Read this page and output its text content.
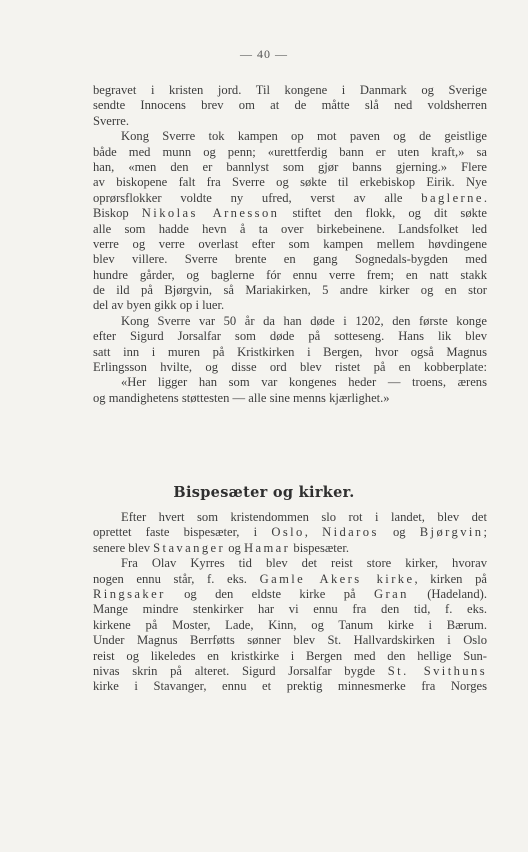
— 40 —
begravet i kristen jord. Til kongene i Danmark og Sverige
sendte Innocens brev om at de måtte slå ned voldsherren
Sverre.
Kong Sverre tok kampen op mot paven og de geistlige
både med munn og penn; «urettferdig bann er uten kraft,» sa
han, «men den er bannlyst som gjør banns gjerning.» Flere
av biskopene falt fra Sverre og søkte til erkebiskop Eirik. Nye
oprørsflokker voldte ny ufred, verst av alle baglerne.
Biskop Nikolas Arnesson stiftet den flokk, og dit søkte
alle som hadde hevn å ta over birkebeinene. Landsfolket led
verre og verre overlast efter som kampen mellem høvdingene
blev villere. Sverre brente en gang Sognedals-bygden med
hundre gårder, og baglerne fór ennu verre frem; en natt stakk
de ild på Bjørgvin, så Mariakirken, 5 andre kirker og en stor
del av byen gikk op i luer.
Kong Sverre var 50 år da han døde i 1202, den første konge
efter Sigurd Jorsalfar som døde på sotteseng. Hans lik blev
satt inn i muren på Kristkirken i Bergen, hvor også Magnus
Erlingsson hvilte, og disse ord blev ristet på en kobberplate:
«Her ligger han som var kongenes heder — troens, ærens
og mandighetens støttesten — alle sine menns kjærlighet.»
Bispesæter og kirker.
Efter hvert som kristendommen slo rot i landet, blev det
oprettet faste bispesæter, i Oslo, Nidaros og Bjørgvin;
senere blev Stavanger og Hamar bispesæter.
Fra Olav Kyrres tid blev det reist store kirker, hvorav
nogen ennu står, f. eks. Gamle Akers kirke, kirken på
Ringsaker og den eldste kirke på Gran (Hadeland).
Mange mindre stenkirker har vi ennu fra den tid, f. eks.
kirkene på Moster, Lade, Kinn, og Tanum kirke i Bærum.
Under Magnus Berrføtts sønner blev St. Hallvardskirken i Oslo
reist og likeledes en kristkirke i Bergen med den hellige Sun-
nivas skrin på alteret. Sigurd Jorsalfar bygde St. Svithuns
kirke i Stavanger, ennu et prektig minnesmerke fra Norges
